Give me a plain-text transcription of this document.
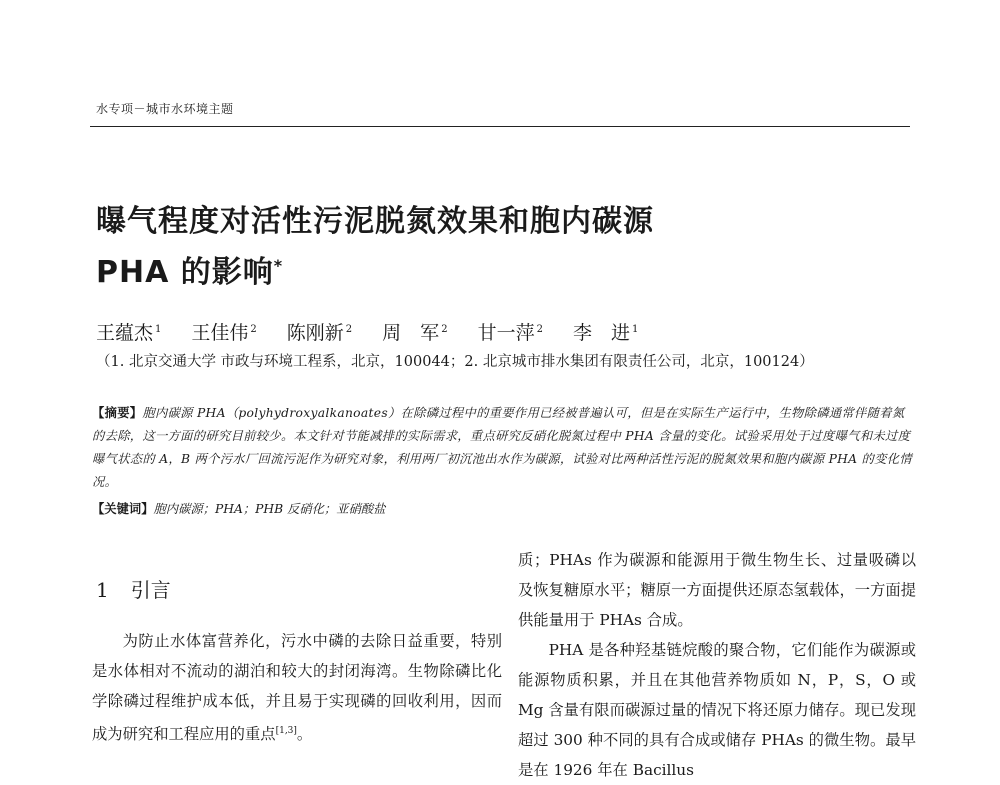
水专项－城市水环境主题
曝气程度对活性污泥脱氮效果和胞内碳源
PHA 的影响*
王蕴杰 $^1$ 王佳伟 $^2$ 陈刚新 $^2$ 周　军 $^2$ 甘一萍 $^2$ 李　进 $^1$
（1. 北京交通大学 市政与环境工程系，北京，100044；2. 北京城市排水集团有限责任公司，北京，100124）
【摘要】胞内碳源 PHA（polyhydroxyalkanoates）在除磷过程中的重要作用已经被普遍认可，但是在实际生产运行中，生物除磷通常伴随着氮的去除，这一方面的研究目前较少。本文针对节能减排的实际需求，重点研究反硝化脱氮过程中 PHA 含量的变化。试验采用处于过度曝气和未过度曝气状态的 A，B 两个污水厂回流污泥作为研究对象，利用两厂初沉池出水作为碳源，试验对比两种活性污泥的脱氮效果和胞内碳源 PHA 的变化情况。
【关键词】胞内碳源；PHA；PHB 反硝化；亚硝酸盐
1 引言

为防止水体富营养化，污水中磷的去除日益重要，特别是水体相对不流动的湖泊和较大的封闭海湾。生物除磷比化学除磷过程维护成本低，并且易于实现磷的回收利用，因而成为研究和工程应用的重点[1,3]。

质；PHAs 作为碳源和能源用于微生物生长、过量吸磷以及恢复糖原水平；糖原一方面提供还原态氢载体，一方面提供能量用于 PHAs 合成。

PHA 是各种羟基链烷酸的聚合物，它们能作为碳源或能源物质积累，并且在其他营养物质如 N，P，S，O 或 Mg 含量有限而碳源过量的情况下将还原力储存。现已发现超过 300 种不同的具有合成或储存 PHAs 的微生物。最早是在 1926 年在 Bacillus
